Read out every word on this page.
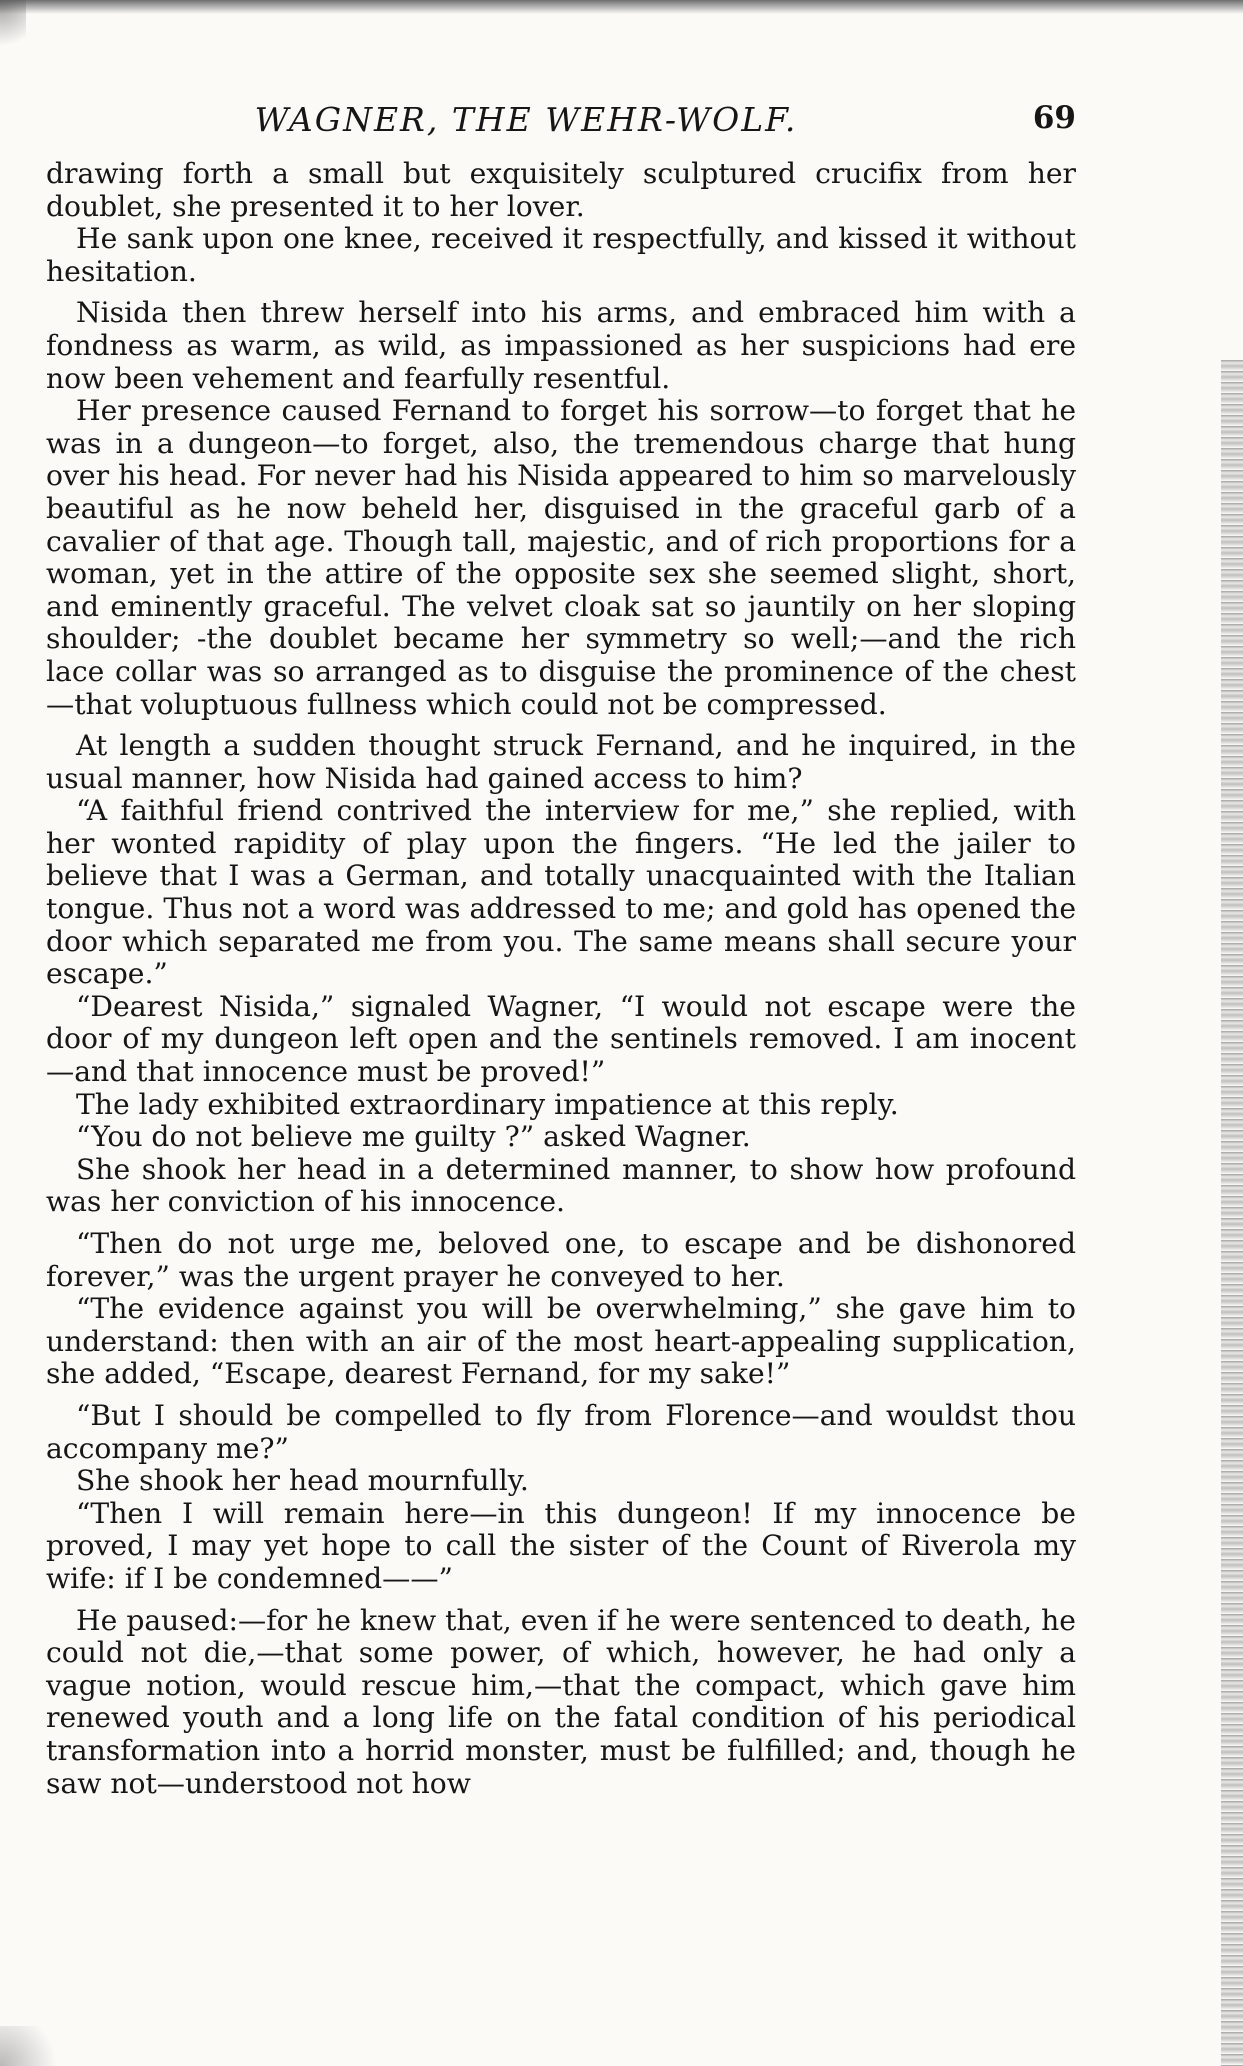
WAGNER, THE WEHR-WOLF.	69

drawing forth a small but exquisitely sculptured crucifix from her doublet, she presented it to her lover.

He sank upon one knee, received it respectfully, and kissed it without hesitation.

Nisida then threw herself into his arms, and embraced him with a fondness as warm, as wild, as impassioned as her suspicions had ere now been vehement and fearfully resentful.

Her presence caused Fernand to forget his sorrow—to forget that he was in a dungeon—to forget, also, the tremendous charge that hung over his head. For never had his Nisida appeared to him so marvelously beautiful as he now beheld her, disguised in the graceful garb of a cavalier of that age. Though tall, majestic, and of rich proportions for a woman, yet in the attire of the opposite sex she seemed slight, short, and eminently graceful. The velvet cloak sat so jauntily on her sloping shoulder; -the doublet became her symmetry so well;—and the rich lace collar was so arranged as to disguise the prominence of the chest—that voluptuous fullness which could not be compressed.

At length a sudden thought struck Fernand, and he inquired, in the usual manner, how Nisida had gained access to him?

“A faithful friend contrived the interview for me,” she replied, with her wonted rapidity of play upon the fingers. “He led the jailer to believe that I was a German, and totally unacquainted with the Italian tongue. Thus not a word was addressed to me; and gold has opened the door which separated me from you. The same means shall secure your escape.”

“Dearest Nisida,” signaled Wagner, “I would not escape were the door of my dungeon left open and the sentinels removed. I am inocent—and that innocence must be proved!”

The lady exhibited extraordinary impatience at this reply.

“You do not believe me guilty ?” asked Wagner.

She shook her head in a determined manner, to show how profound was her conviction of his innocence.

“Then do not urge me, beloved one, to escape and be dishonored forever,” was the urgent prayer he conveyed to her.

“The evidence against you will be overwhelming,” she gave him to understand: then with an air of the most heart-appealing supplication, she added, “Escape, dearest Fernand, for my sake!”

“But I should be compelled to fly from Florence—and wouldst thou accompany me?”

She shook her head mournfully.

“Then I will remain here—in this dungeon! If my innocence be proved, I may yet hope to call the sister of the Count of Riverola my wife: if I be condemned——”

He paused:—for he knew that, even if he were sentenced to death, he could not die,—that some power, of which, however, he had only a vague notion, would rescue him,—that the compact, which gave him renewed youth and a long life on the fatal condition of his periodical transformation into a horrid monster, must be fulfilled; and, though he saw not—understood not how
